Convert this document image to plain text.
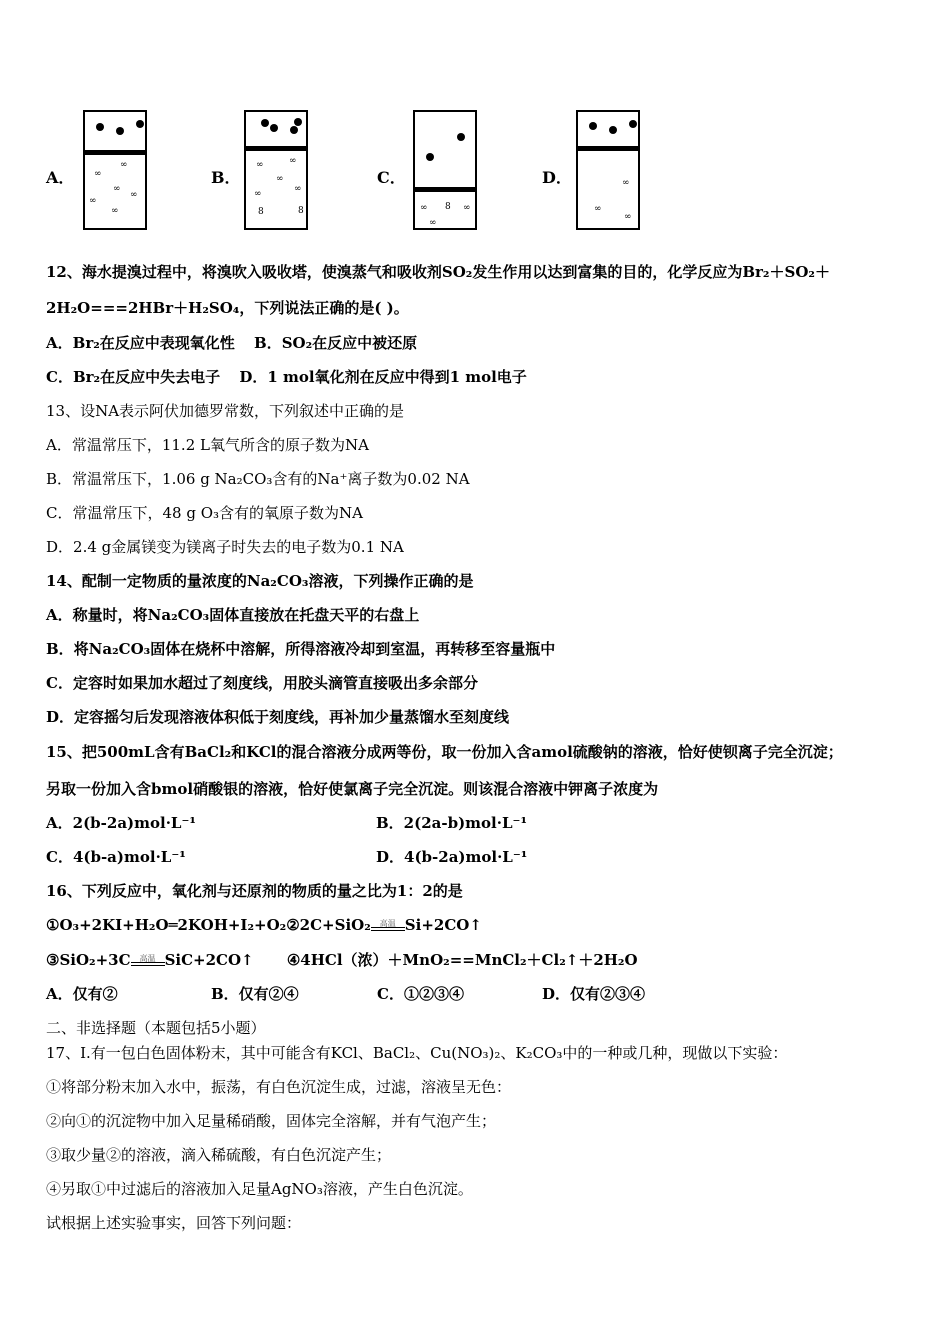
A．
∞
∞
∞
∞
∞
∞
B．
∞	∞
∞
∞	∞
8	8
C．
∞ 8 ∞
∞
D．	∞
∞
∞
12、海水提溴过程中，将溴吹入吸收塔，使溴蒸气和吸收剂SO₂发生作用以达到富集的目的，化学反应为Br₂＋SO₂＋
2H₂O===2HBr＋H₂SO₄，下列说法正确的是( )。
A．Br₂在反应中表现氧化性 B．SO₂在反应中被还原
C．Br₂在反应中失去电子 D．1 mol氧化剂在反应中得到1 mol电子
13、设NA表示阿伏加德罗常数，下列叙述中正确的是
A．常温常压下，11.2 L氧气所含的原子数为NA
B．常温常压下，1.06 g Na₂CO₃含有的Na⁺离子数为0.02 NA
C．常温常压下，48 g O₃含有的氧原子数为NA
D．2.4 g金属镁变为镁离子时失去的电子数为0.1 NA
14、配制一定物质的量浓度的Na₂CO₃溶液，下列操作正确的是
A．称量时，将Na₂CO₃固体直接放在托盘天平的右盘上
B．将Na₂CO₃固体在烧杯中溶解，所得溶液冷却到室温，再转移至容量瓶中
C．定容时如果加水超过了刻度线，用胶头滴管直接吸出多余部分
D．定容摇匀后发现溶液体积低于刻度线，再补加少量蒸馏水至刻度线
15、把500mL含有BaCl₂和KCl的混合溶液分成两等份，取一份加入含amol硫酸钠的溶液，恰好使钡离子完全沉淀；
另取一份加入含bmol硝酸银的溶液，恰好使氯离子完全沉淀。则该混合溶液中钾离子浓度为
A．2(b-2a)mol·L⁻¹	B．2(2a-b)mol·L⁻¹
C．4(b-a)mol·L⁻¹	D．4(b-2a)mol·L⁻¹
16、下列反应中，氧化剂与还原剂的物质的量之比为1：2的是
①O₃+2KI+H₂O═2KOH+I₂+O₂②2C+SiO₂	高温 Si+2CO↑
③SiO₂+3C	高温 SiC+2CO↑ ④4HCl（浓）＋MnO₂==MnCl₂＋Cl₂↑＋2H₂O
A．仅有②	B．仅有②④	C．①②③④	D．仅有②③④
二、非选择题（本题包括5小题）
17、Ⅰ.有一包白色固体粉末，其中可能含有KCl、BaCl₂、Cu(NO₃)₂、K₂CO₃中的一种或几种，现做以下实验：
①将部分粉末加入水中，振荡，有白色沉淀生成，过滤，溶液呈无色：
②向①的沉淀物中加入足量稀硝酸，固体完全溶解，并有气泡产生；
③取少量②的溶液，滴入稀硫酸，有白色沉淀产生；
④另取①中过滤后的溶液加入足量AgNO₃溶液，产生白色沉淀。
试根据上述实验事实，回答下列问题：
